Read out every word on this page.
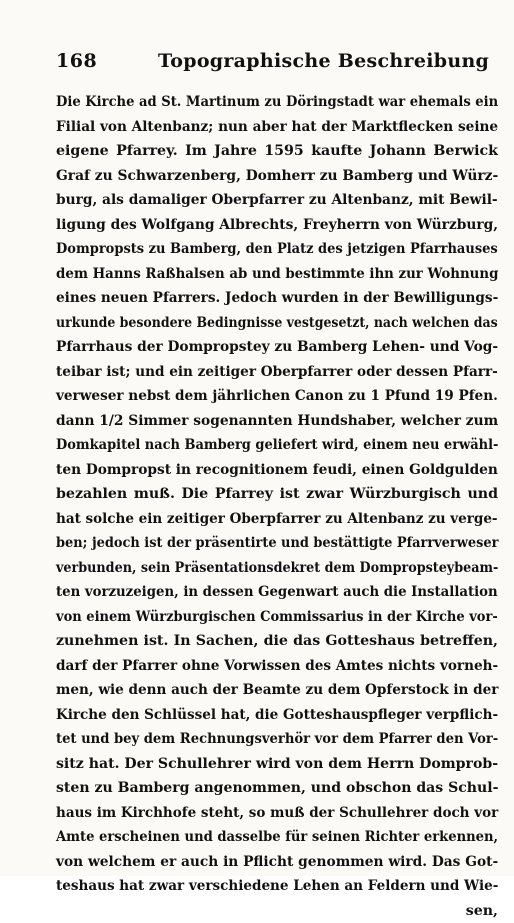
168	Topographische Beschreibung
Die Kirche ad St. Martinum zu Döringstadt war ehemals ein
Filial von Altenbanz; nun aber hat der Marktflecken seine
eigene Pfarrey. Im Jahre 1595 kaufte Johann Berwick
Graf zu Schwarzenberg, Domherr zu Bamberg und Würz-
burg, als damaliger Oberpfarrer zu Altenbanz, mit Bewil-
ligung des Wolfgang Albrechts, Freyherrn von Würzburg,
Dompropsts zu Bamberg, den Platz des jetzigen Pfarrhauses
dem Hanns Raßhalsen ab und bestimmte ihn zur Wohnung
eines neuen Pfarrers. Jedoch wurden in der Bewilligungs-
urkunde besondere Bedingnisse vestgesetzt, nach welchen das
Pfarrhaus der Dompropstey zu Bamberg Lehen- und Vog-
teibar ist; und ein zeitiger Oberpfarrer oder dessen Pfarr-
verweser nebst dem jährlichen Canon zu 1 Pfund 19 Pfen.
dann 1/2 Simmer sogenannten Hundshaber, welcher zum
Domkapitel nach Bamberg geliefert wird, einem neu erwähl-
ten Dompropst in recognitionem feudi, einen Goldgulden
bezahlen muß. Die Pfarrey ist zwar Würzburgisch und
hat solche ein zeitiger Oberpfarrer zu Altenbanz zu verge-
ben; jedoch ist der präsentirte und bestättigte Pfarrverweser
verbunden, sein Präsentationsdekret dem Dompropsteybeam-
ten vorzuzeigen, in dessen Gegenwart auch die Installation
von einem Würzburgischen Commissarius in der Kirche vor-
zunehmen ist. In Sachen, die das Gotteshaus betreffen,
darf der Pfarrer ohne Vorwissen des Amtes nichts vorneh-
men, wie denn auch der Beamte zu dem Opferstock in der
Kirche den Schlüssel hat, die Gotteshauspfleger verpflich-
tet und bey dem Rechnungsverhör vor dem Pfarrer den Vor-
sitz hat. Der Schullehrer wird von dem Herrn Domprob-
sten zu Bamberg angenommen, und obschon das Schul-
haus im Kirchhofe steht, so muß der Schullehrer doch vor
Amte erscheinen und dasselbe für seinen Richter erkennen,
von welchem er auch in Pflicht genommen wird. Das Got-
teshaus hat zwar verschiedene Lehen an Feldern und Wie-
sen,
